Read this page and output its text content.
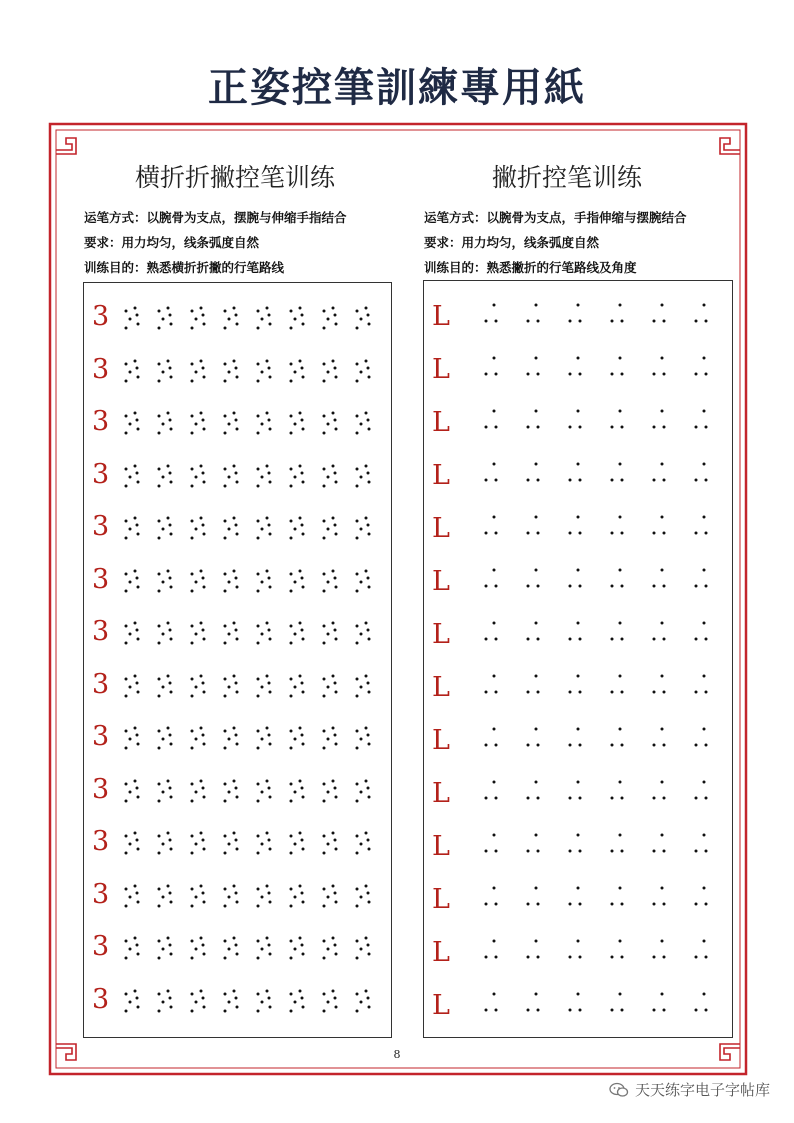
正姿控筆訓練專用紙
横折折撇控笔训练
运笔方式：以腕骨为支点，摆腕与伸缩手指结合
要求：用力均匀，线条弧度自然
训练目的：熟悉横折折撇的行笔路线
3
3
3
3
3
3
3
3
3
3
3
3
3
3
撇折控笔训练
运笔方式：以腕骨为支点，手指伸缩与摆腕结合
要求：用力均匀，线条弧度自然
训练目的：熟悉撇折的行笔路线及角度
L
L
L
L
L
L
L
L
L
L
L
L
L
L
8
天天练字电子字帖库
